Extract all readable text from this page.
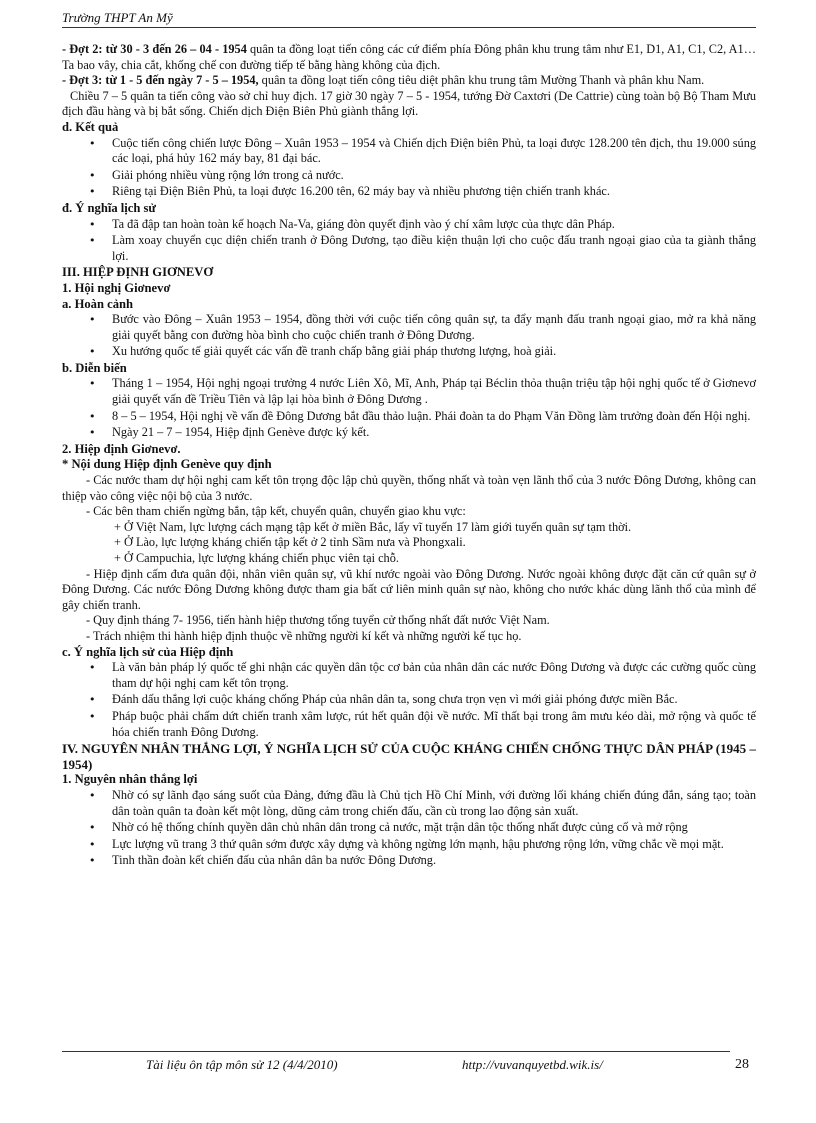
Trường THPT An Mỹ

- Đợt 2: từ 30 - 3 đến 26 – 04 - 1954 quân ta đồng loạt tiến công các cứ điểm phía Đông phân khu trung tâm như E1, D1, A1, C1, C2, A1…Ta bao vây, chia cắt, khống chế con đường tiếp tế bằng hàng không của địch.

- Đợt 3: từ 1 - 5 đến ngày 7 - 5 – 1954, quân ta đồng loạt tiến công tiêu diệt phân khu trung tâm Mường Thanh và phân khu Nam.

Chiều 7 – 5 quân ta tiến công vào sở chỉ huy địch. 17 giờ 30 ngày 7 – 5 - 1954, tướng Đờ Caxtơri (De Cattrie) cùng toàn bộ Bộ Tham Mưu địch đầu hàng và bị bắt sống. Chiến dịch Điện Biên Phủ giành thắng lợi.

d. Kết quả

• Cuộc tiến công chiến lược Đông – Xuân 1953 – 1954 và Chiến dịch Điện biên Phủ, ta loại được 128.200 tên địch, thu 19.000 súng các loại, phá hủy 162 máy bay, 81 đại bác.
• Giải phóng nhiều vùng rộng lớn trong cả nước.
• Riêng tại Điện Biên Phủ, ta loại được 16.200 tên, 62 máy bay và nhiều phương tiện chiến tranh khác.

đ. Ý nghĩa lịch sử

• Ta đã đập tan hoàn toàn kế hoạch Na-Va, giáng đòn quyết định vào ý chí xâm lược của thực dân Pháp.
• Làm xoay chuyển cục diện chiến tranh ở Đông Dương, tạo điều kiện thuận lợi cho cuộc đấu tranh ngoại giao của ta giành thắng lợi.

III. HIỆP ĐỊNH GIƠNEVƠ

1. Hội nghị Giơnevơ

a. Hoàn cảnh

• Bước vào Đông – Xuân 1953 – 1954, đồng thời với cuộc tiến công quân sự, ta đẩy mạnh đấu tranh ngoại giao, mở ra khả năng giải quyết bằng con đường hòa bình cho cuộc chiến tranh ở Đông Dương.
• Xu hướng quốc tế giải quyết các vấn đề tranh chấp bằng giải pháp thương lượng, hoà giải.

b. Diễn biến

• Tháng 1 – 1954, Hội nghị ngoại trưởng 4 nước Liên Xô, Mĩ, Anh, Pháp tại Béclin thỏa thuận triệu tập hội nghị quốc tế ở Giơnevơ giải quyết vấn đề Triều Tiên và lập lại hòa bình ở Đông Dương .
• 8 – 5 – 1954, Hội nghị về vấn đề Đông Dương bắt đầu thảo luận. Phái đoàn ta do Phạm Văn Đồng làm trưởng đoàn đến Hội nghị.
• Ngày 21 – 7 – 1954, Hiệp định Genève được ký kết.

2. Hiệp định Giơnevơ.

* Nội dung Hiệp định Genève quy định

- Các nước tham dự hội nghị cam kết tôn trọng độc lập chủ quyền, thống nhất và toàn vẹn lãnh thổ của 3 nước Đông Dương, không can thiệp vào công việc nội bộ của 3 nước.

- Các bên tham chiến ngừng bắn, tập kết, chuyển quân, chuyển giao khu vực:

+ Ở Việt Nam, lực lượng cách mạng tập kết ở miền Bắc, lấy vĩ tuyến 17 làm giới tuyến quân sự tạm thời.

+ Ở Lào, lực lượng kháng chiến tập kết ở 2 tỉnh Sầm nưa và Phongxali.

+ Ở Campuchia, lực lượng kháng chiến phục viên tại chỗ.

- Hiệp định cấm đưa quân đội, nhân viên quân sự, vũ khí nước ngoài vào Đông Dương. Nước ngoài không được đặt căn cứ quân sự ở Đông Dương. Các nước Đông Dương không được tham gia bất cứ liên minh quân sự nào, không cho nước khác dùng lãnh thổ của mình để gây chiến tranh.

- Quy định tháng 7- 1956, tiến hành hiệp thương tổng tuyển cử thống nhất đất nước Việt Nam.

- Trách nhiệm thi hành hiệp định thuộc về những người kí kết và những người kế tục họ.

c. Ý nghĩa lịch sử của Hiệp định

• Là văn bản pháp lý quốc tế ghi nhận các quyền dân tộc cơ bản của nhân dân các nước Đông Dương và được các cường quốc cùng tham dự hội nghị cam kết tôn trọng.
• Đánh dấu thắng lợi cuộc kháng chống Pháp của nhân dân ta, song chưa trọn vẹn vì mới giải phóng được miền Bắc.
• Pháp buộc phải chấm dứt chiến tranh xâm lược, rút hết quân đội về nước. Mĩ thất bại trong âm mưu kéo dài, mở rộng và quốc tế hóa chiến tranh Đông Dương.

IV. NGUYÊN NHÂN THẮNG LỢI, Ý NGHĨA LỊCH SỬ CỦA CUỘC KHÁNG CHIẾN CHỐNG THỰC DÂN PHÁP (1945 – 1954)

1. Nguyên nhân thắng lợi

• Nhờ có sự lãnh đạo sáng suốt của Đảng, đứng đầu là Chủ tịch Hồ Chí Minh, với đường lối kháng chiến đúng đắn, sáng tạo; toàn dân toàn quân ta đoàn kết một lòng, dũng cảm trong chiến đấu, cần cù trong lao động sản xuất.
• Nhờ có hệ thống chính quyền dân chủ nhân dân trong cả nước, mặt trận dân tộc thống nhất được củng cố và mở rộng
• Lực lượng vũ trang 3 thứ quân sớm được xây dựng và không ngừng lớn mạnh, hậu phương rộng lớn, vững chắc về mọi mặt.
• Tinh thần đoàn kết chiến đấu của nhân dân ba nước Đông Dương.
Tài liệu ôn tập môn sử 12 (4/4/2010)	http://vuvanquyetbd.wik.is/	28
